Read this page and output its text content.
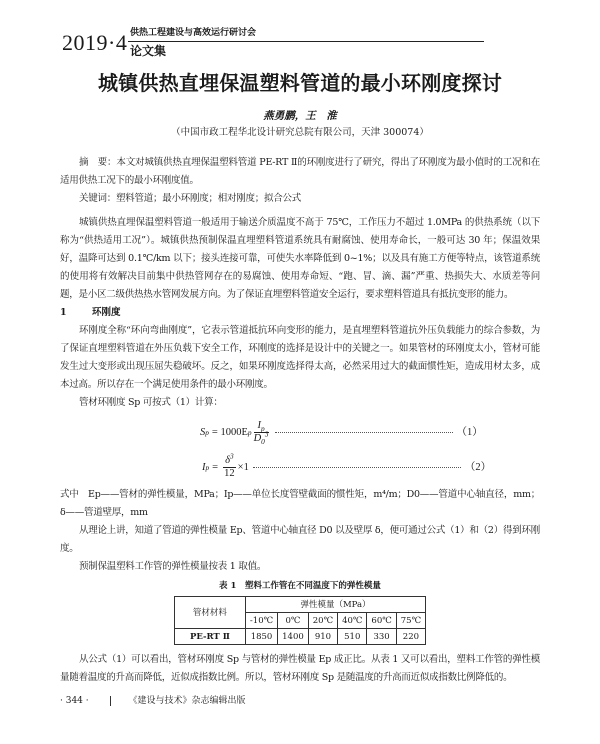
2019·4 供热工程建设与高效运行研讨会
论文集
城镇供热直埋保温塑料管道的最小环刚度探讨

燕勇鹏，王　淮

（中国市政工程华北设计研究总院有限公司，天津 300074）

摘　要：本文对城镇供热直埋保温塑料管道 PE-RT Ⅱ的环刚度进行了研究，得出了环刚度为最小值时的工况和在适用供热工况下的最小环刚度值。

关键词：塑料管道；最小环刚度；相对刚度；拟合公式

城镇供热直埋保温塑料管道一般适用于输送介质温度不高于 75℃，工作压力不超过 1.0MPa 的供热系统（以下称为“供热适用工况”）。城镇供热预制保温直埋塑料管道系统具有耐腐蚀、使用寿命长，一般可达 30 年；保温效果好，温降可达到 0.1℃/km 以下；接头连接可靠，可使失水率降低到 0~1%；以及具有施工方便等特点，该管道系统的使用将有效解决目前集中供热管网存在的易腐蚀、使用寿命短、“跑、冒、滴、漏”严重、热损失大、水质差等问题，是小区二级供热热水管网发展方向。为了保证直埋塑料管道安全运行，要求塑料管道具有抵抗变形的能力。

1	环刚度

环刚度全称“环向弯曲刚度”，它表示管道抵抗环向变形的能力，是直埋塑料管道抗外压负载能力的综合参数，为了保证直埋塑料管道在外压负载下安全工作，环刚度的选择是设计中的关键之一。如果管材的环刚度太小，管材可能发生过大变形或出现压屈失稳破坏。反之，如果环刚度选择得太高，必然采用过大的截面惯性矩，造成用材太多，成本过高。所以存在一个满足使用条件的最小环刚度。

管材环刚度 Sp 可按式（1）计算：

S p = 1000E p $\frac{I_p}{D_0^3}$	（1）
I $p = \frac{\delta^3}{12} \times 1$	（2）

式中　Ep——管材的弹性模量，MPa；Ip——单位长度管壁截面的惯性矩，m⁴/m；D0——管道中心轴直径，mm；δ——管道壁厚，mm

从理论上讲，知道了管道的弹性模量 Ep、管道中心轴直径 D0 以及壁厚 δ，便可通过公式（1）和（2）得到环刚度。

预制保温塑料工作管的弹性模量按表 1 取值。

表 1　塑料工作管在不同温度下的弹性模量

管材材料	弹性模量（MPa）					
	-10℃	0℃	20℃	40℃	60℃	75℃
PE-RT Ⅱ	1850	1400	910	510	330	220

从公式（1）可以看出，管材环刚度 Sp 与管材的弹性模量 Ep 成正比。从表 1 又可以看出，塑料工作管的弹性模量随着温度的升高而降低，近似成指数比例。所以，管材环刚度 Sp 是随温度的升高而近似成指数比例降低的。

· 344 ·	《建设与技术》杂志编辑出版
